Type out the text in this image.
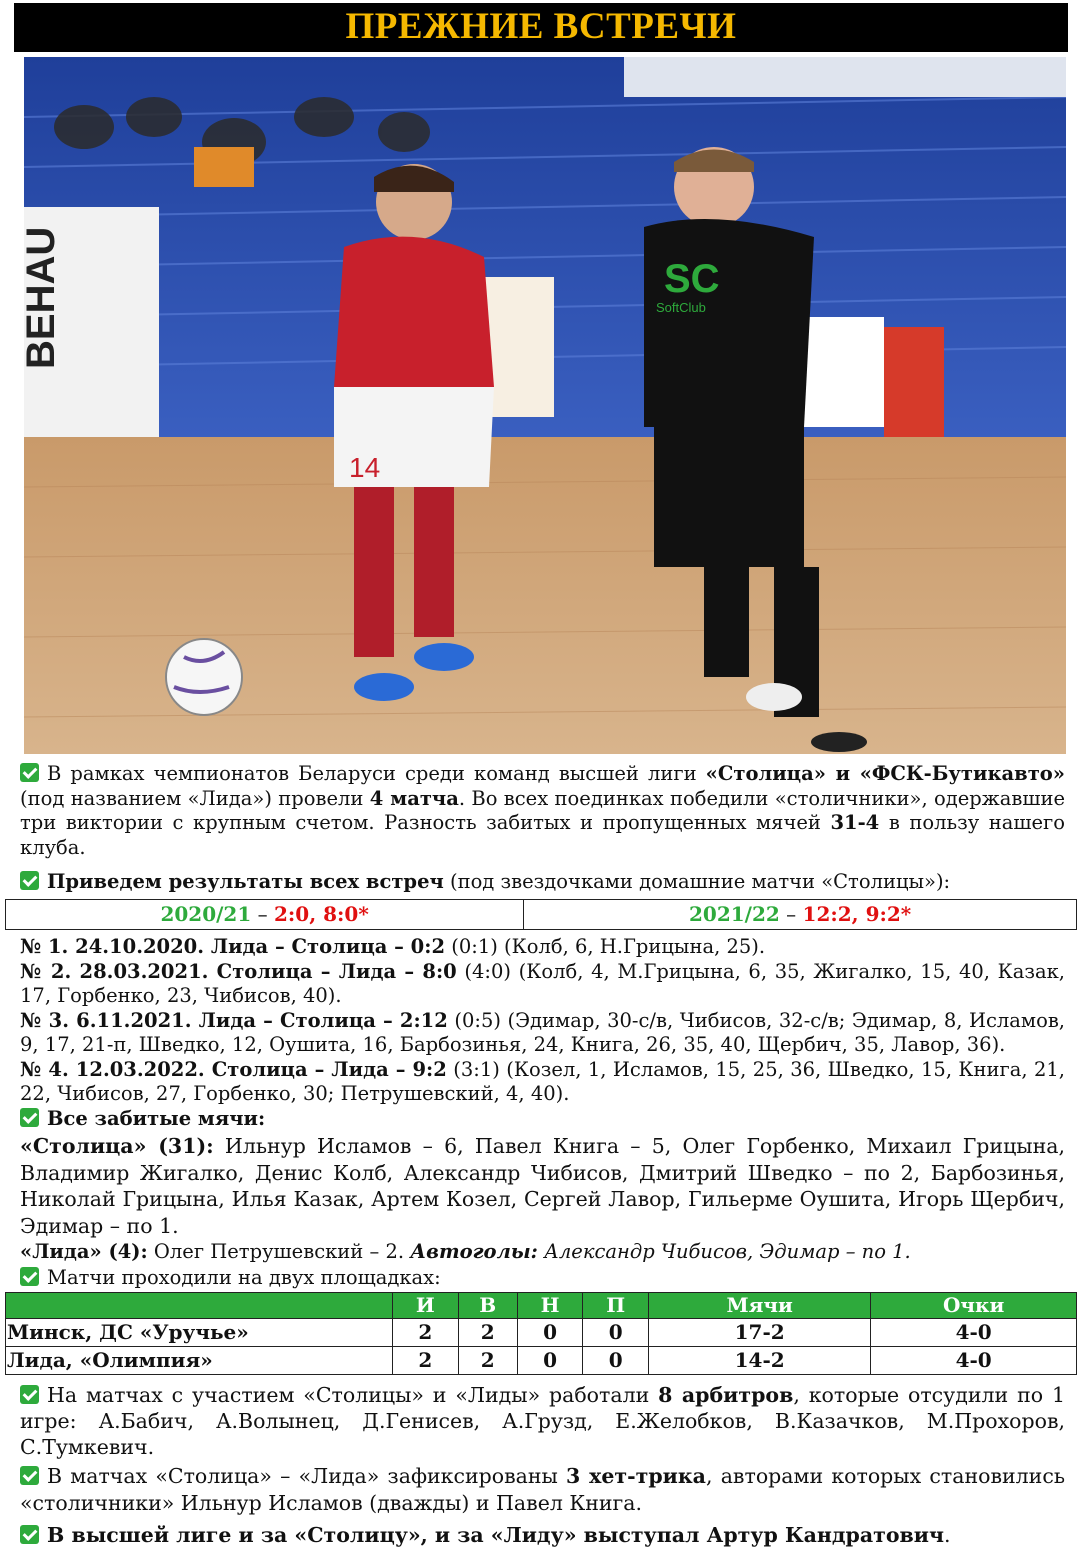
ПРЕЖНИЕ ВСТРЕЧИ
BEHAU
14
SC
SoftClub
В рамках чемпионатов Беларуси среди команд высшей лиги «Столица» и «ФСК-Бутикавто» (под названием «Лида») провели 4 матча. Во всех поединках победили «столичники», одержавшие три виктории с крупным счетом. Разность забитых и пропущенных мячей 31-4 в пользу нашего клуба.
Приведем результаты всех встреч (под звездочками домашние матчи «Столицы»):
2020/21 – 2:0, 8:0*	2021/22 – 12:2, 9:2*

№ 1. 24.10.2020. Лида – Столица – 0:2 (0:1) (Колб, 6, Н.Грицына, 25).

№ 2. 28.03.2021. Столица – Лида – 8:0 (4:0) (Колб, 4, М.Грицына, 6, 35, Жигалко, 15, 40, Казак, 17, Горбенко, 23, Чибисов, 40).

№ 3. 6.11.2021. Лида – Столица – 2:12 (0:5) (Эдимар, 30-с/в, Чибисов, 32-с/в; Эдимар, 8, Исламов, 9, 17, 21-п, Шведко, 12, Оушита, 16, Барбозинья, 24, Книга, 26, 35, 40, Щербич, 35, Лавор, 36).

№ 4. 12.03.2022. Столица – Лида – 9:2 (3:1) (Козел, 1, Исламов, 15, 25, 36, Шведко, 15, Книга, 21, 22, Чибисов, 27, Горбенко, 30; Петрушевский, 4, 40).

Все забитые мячи:
«Столица» (31): Ильнур Исламов – 6, Павел Книга – 5, Олег Горбенко, Михаил Грицына, Владимир Жигалко, Денис Колб, Александр Чибисов, Дмитрий Шведко – по 2, Барбозинья, Николай Грицына, Илья Казак, Артем Козел, Сергей Лавор, Гильерме Оушита, Игорь Щербич, Эдимар – по 1.
«Лида» (4): Олег Петрушевский – 2. Автоголы: Александр Чибисов, Эдимар – по 1.
Матчи проходили на двух площадках:
	И	В	Н	П	Мячи	Очки
Минск, ДС «Уручье»	2	2	0	0	17-2	4-0
Лида, «Олимпия»	2	2	0	0	14-2	4-0
На матчах с участием «Столицы» и «Лиды» работали 8 арбитров, которые отсудили по 1 игре: А.Бабич, А.Волынец, Д.Генисев, А.Грузд, Е.Желобков, В.Казачков, М.Прохоров, С.Тумкевич.
В матчах «Столица» – «Лида» зафиксированы 3 хет-трика, авторами которых становились «столичники» Ильнур Исламов (дважды) и Павел Книга.
В высшей лиге и за «Столицу», и за «Лиду» выступал Артур Кандратович.
